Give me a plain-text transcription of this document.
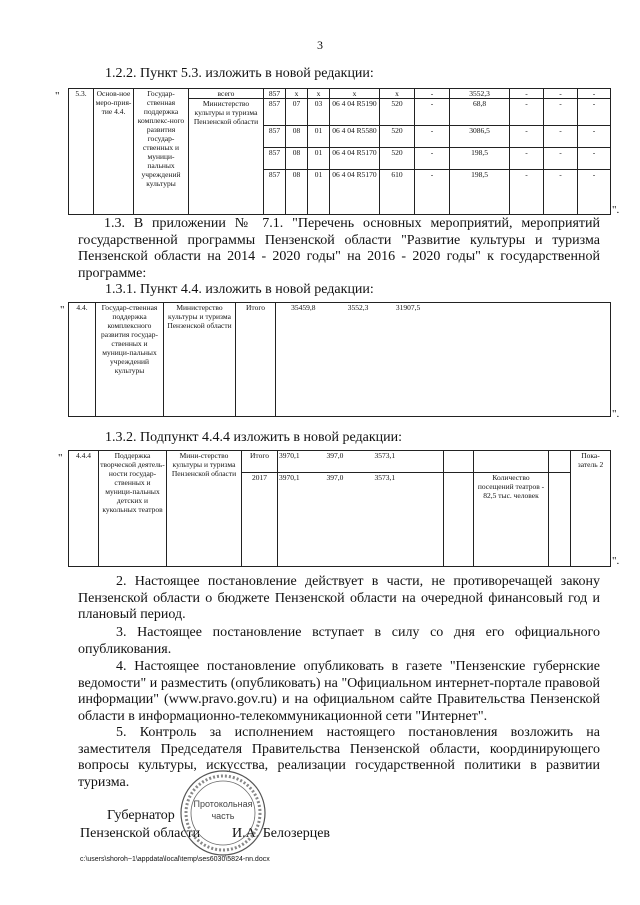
3
1.2.2. Пункт 5.3. изложить в новой редакции:
" 5.3.	Основ-ное меро-прия-тие 4.4.	Государ-ственная поддержка комплекс-ного развития государ-ственных и муници-пальных учреждений культуры	всего	857	x	x	x	x	-	3552,3	-	-	-
			Министерство культуры и туризма Пензенской области	857	07	03	06 4 04 R5190	520	-	68,8	-	-	-
				857	08	01	06 4 04 R5580	520	-	3086,5	-	-	-
				857	08	01	06 4 04 R5170	520	-	198,5	-	-	-
				857	08	01	06 4 04 R5170	610	-	198,5	-	-	-
".
1.3. В приложении № 7.1. "Перечень основных мероприятий, мероприятий государственной программы Пензенской области "Развитие культуры и туризма Пензенской области на 2014 - 2020 годы" на 2016 - 2020 годы" к государственной программе:
1.3.1. Пункт 4.4. изложить в новой редакции:
" 4.4.	Государ-ственная поддержка комплексного развития государ-ственных и муници-пальных учреждений культуры	Министерство культуры и туризма Пензенской области	Итого	35459,8	3552,3	31907,5	
".
1.3.2. Подпункт 4.4.4 изложить в новой редакции:
" 4.4.4	Поддержка творческой деятель-ности государ-ственных и муници-пальных детских и кукольных театров	Мини-стерство культуры и туризма Пензенской области	Итого	3970,1	397,0	3573,1				Пока-затель 2
			2017	3970,1	397,0	3573,1		Количество посещений театров - 82,5 тыс. человек		
".
2. Настоящее постановление действует в части, не противоречащей закону Пензенской области о бюджете Пензенской области на очередной финансовый год и плановый период.
3. Настоящее постановление вступает в силу со дня его официального опубликования.
4. Настоящее постановление опубликовать в газете "Пензенские губернские ведомости" и разместить (опубликовать) на "Официальном интернет-портале правовой информации" (www.pravo.gov.ru) и на официальном сайте Правительства Пензенской области в информационно-телекоммуникационной сети "Интернет".
5. Контроль за исполнением настоящего постановления возложить на заместителя Председателя Правительства Пензенской области, координирующего вопросы культуры, искусства, реализации государственной политики в развитии туризма.
Губернатор
Пензенской области И.А. Белозерцев
Протокольная часть
c:\users\shoroh~1\appdata\local\temp\ses6030\5824-nn.docx
